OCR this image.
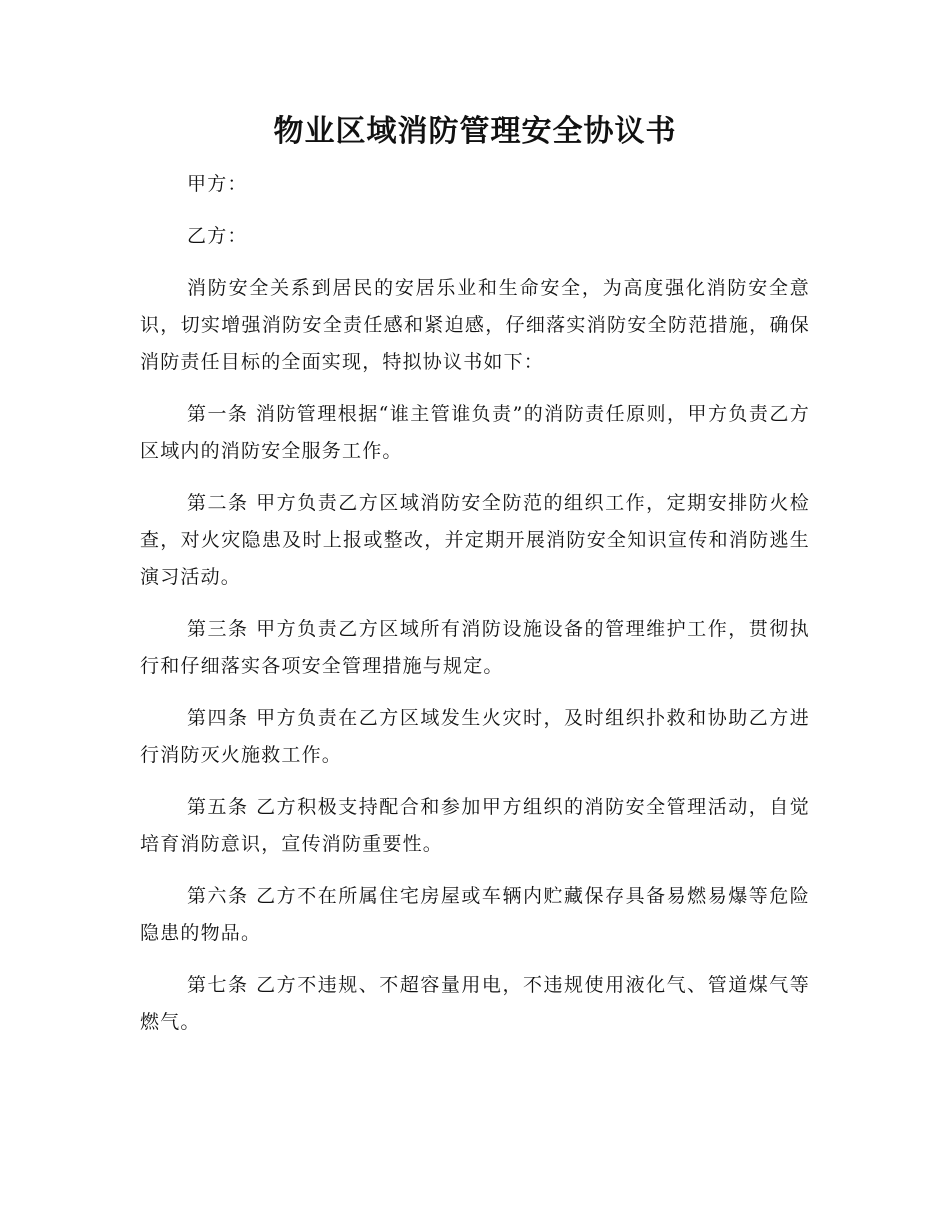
物业区域消防管理安全协议书

甲方：

乙方：

消防安全关系到居民的安居乐业和生命安全，为高度强化消防安全意识，切实增强消防安全责任感和紧迫感，仔细落实消防安全防范措施，确保消防责任目标的全面实现，特拟协议书如下：

第一条 消防管理根据“谁主管谁负责”的消防责任原则，甲方负责乙方区域内的消防安全服务工作。

第二条 甲方负责乙方区域消防安全防范的组织工作，定期安排防火检查，对火灾隐患及时上报或整改，并定期开展消防安全知识宣传和消防逃生演习活动。

第三条 甲方负责乙方区域所有消防设施设备的管理维护工作，贯彻执行和仔细落实各项安全管理措施与规定。

第四条 甲方负责在乙方区域发生火灾时，及时组织扑救和协助乙方进行消防灭火施救工作。

第五条 乙方积极支持配合和参加甲方组织的消防安全管理活动，自觉培育消防意识，宣传消防重要性。

第六条 乙方不在所属住宅房屋或车辆内贮藏保存具备易燃易爆等危险隐患的物品。

第七条 乙方不违规、不超容量用电，不违规使用液化气、管道煤气等燃气。
